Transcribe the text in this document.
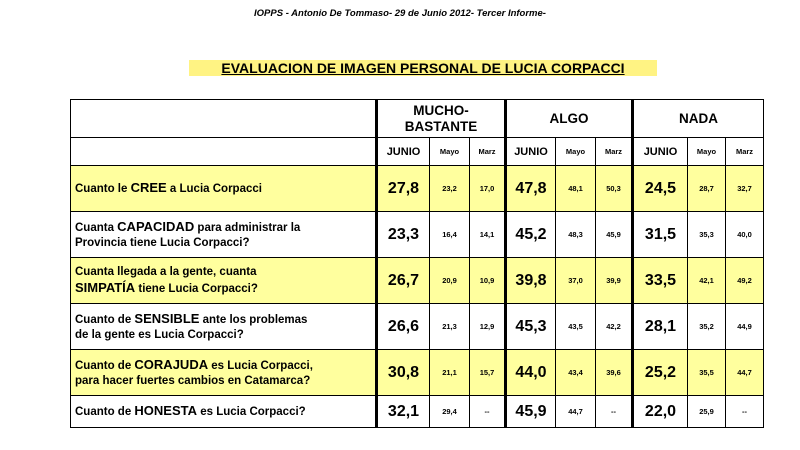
IOPPS - Antonio De Tommaso- 29 de Junio 2012- Tercer Informe-
EVALUACION DE IMAGEN PERSONAL DE LUCIA CORPACCI
	MUCHO-
BASTANTE			ALGO			NADA		
	JUNIO	Mayo	Marz	JUNIO	Mayo	Marz	JUNIO	Mayo	Marz
Cuanto le CREE a Lucia Corpacci	27,8	23,2	17,0	47,8	48,1	50,3	24,5	28,7	32,7
Cuanta CAPACIDAD para administrar la
Provincia tiene Lucia Corpacci?	23,3	16,4	14,1	45,2	48,3	45,9	31,5	35,3	40,0
Cuanta llegada a la gente, cuanta
SIMPATÍA tiene Lucia Corpacci?	26,7	20,9	10,9	39,8	37,0	39,9	33,5	42,1	49,2
Cuanto de SENSIBLE ante los problemas
de la gente es Lucia Corpacci?	26,6	21,3	12,9	45,3	43,5	42,2	28,1	35,2	44,9
Cuanto de CORAJUDA es Lucia Corpacci,
para hacer fuertes cambios en Catamarca?	30,8	21,1	15,7	44,0	43,4	39,6	25,2	35,5	44,7
Cuanto de HONESTA es Lucia Corpacci?	32,1	29,4	--	45,9	44,7	--	22,0	25,9	--
